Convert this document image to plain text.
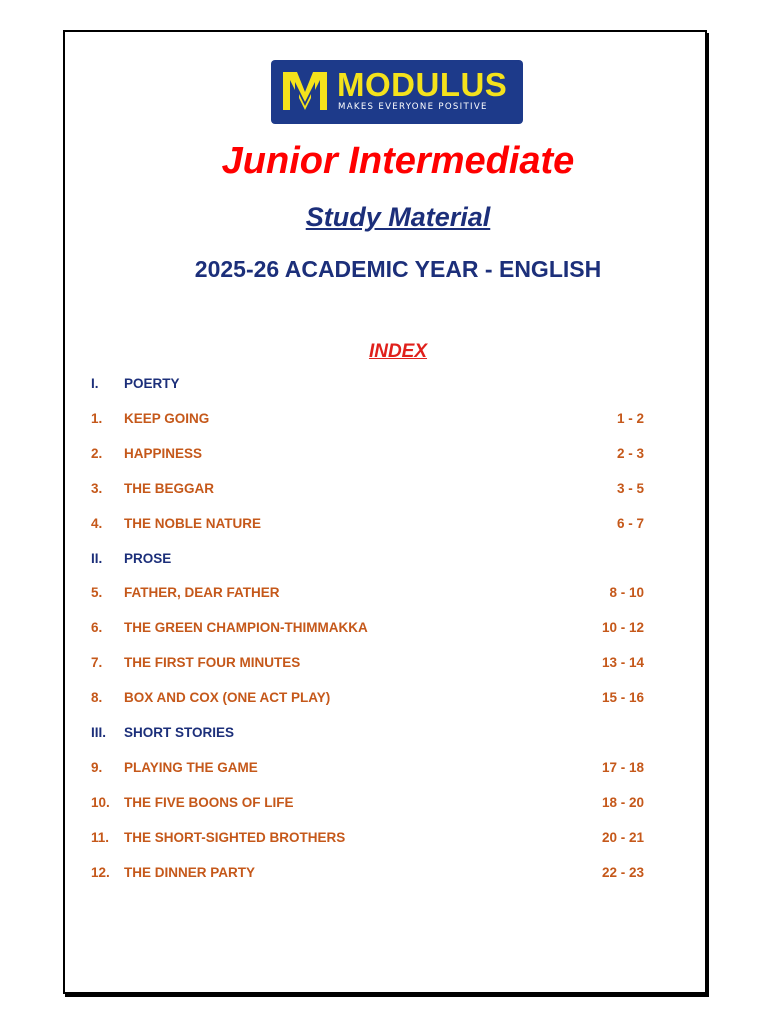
MODULUS
MAKES EVERYONE POSITIVE
Junior Intermediate
Study Material
2025-26 ACADEMIC YEAR - ENGLISH
INDEX
I. POERTY
1. KEEP GOING	1 - 2
2. HAPPINESS	2 - 3
3. THE BEGGAR	3 - 5
4. THE NOBLE NATURE	6 - 7
II. PROSE
5. FATHER, DEAR FATHER	8 - 10
6. THE GREEN CHAMPION-THIMMAKKA	10 - 12
7. THE FIRST FOUR MINUTES	13 - 14
8. BOX AND COX (ONE ACT PLAY)	15 - 16
III. SHORT STORIES
9. PLAYING THE GAME	17 - 18
10. THE FIVE BOONS OF LIFE	18 - 20
11. THE SHORT-SIGHTED BROTHERS	20 - 21
12. THE DINNER PARTY	22 - 23
